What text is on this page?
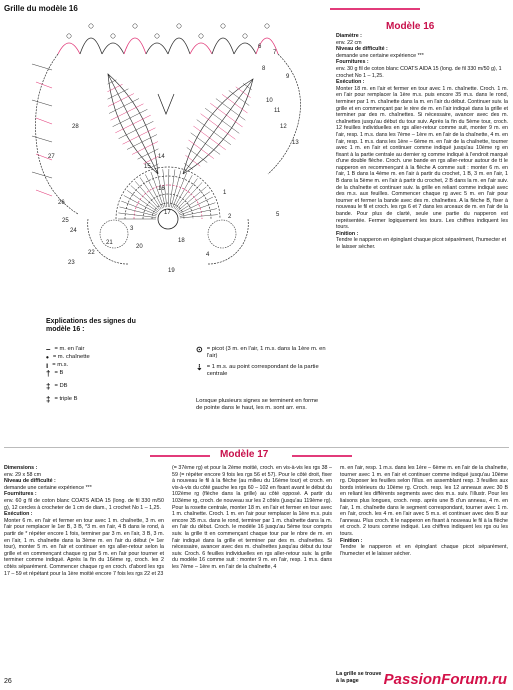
Grille du modèle 16
1
2
3
4
5
6
7
8
9
10
11
12
13
14
15
16
17
18
19
20
21
22
23
24
25
26
27
28
Modèle 16
Diamètre :
env. 22 cm
Niveau de difficulté :
demande une certaine expérience ***
Fournitures :
env. 30 g fil de coton blanc COATS AIDA 15 (long. de fil 330 m/50 g), 1 crochet No 1 – 1,25.
Exécution :
Monter 18 m. en l'air et fermer en tour avec 1 m. chaînette. Croch. 1 m. en l'air pour remplacer la 1ère m.s. puis encore 35 m.s. dans le rond, terminer par 1 m. chaînette dans la m. en l'air du début. Continuer suiv. la grille et en commençant par le rère de m. en l'air indiqué dans la grille et terminer par des m. chaînettes. Si nécessaire, avancer avec des m. chaînettes jusqu'au début du tour suiv. Après la fin du 5ème tour, croch. 12 feuilles individuelles en rgs aller-retour comme suit, monter 9 m. en l'air, resp. 1 m.s. dans les 7ème – 1ère m. en l'air de la chaînette, 4 m. en l'air, resp. 1 m.s. dans les 1ère – 6ème m. en l'air de la chaînette, tourner avec 1 m. en l'air et continuer comme indiqué jusqu'au 10ème rg en fixant à la partie centrale au dernier rg comme indiqué à l'endroit marqué d'une double flèche. Croch. une bande en rgs aller-retour autour de tt le napperon en recommençant à la flèche A comme suit : monter 6 m. en l'air, 1 B dans la 4ème m. en l'air à partir du crochet, 1 B, 3 m. en l'air, 1 B dans la 5ème m. en l'air à partir du crochet, 2 B dans la m. en l'air suiv. de la chaînette et continuer suiv. la grille en reliant comme indiqué avec des m.s. aux feuilles. Commencer chaque rg avec 5 m. en l'air pour tourner et fermer la bande avec des m. chaînettes. A la flèche B, fixer à nouveau le fil et croch. les rgs 6 et 7 dans les arceaux de m. en l'air de la bande. Pour plus de clarté, seule une partie du napperon est représentée. Fermer logiquement les tours. Les chiffres indiquent les tours.
Finition :
Tendre le napperon en épinglant chaque picot séparément, l'humecter et le laisser sécher.
Explications des signes du modèle 16 :
– = m. en l'air
• = m. chaînette
ı = m.s.
† = B
‡ = DB
‡ = triple B
⊙ = picot (3 m. en l'air, 1 m.s. dans la 1ère m. en l'air)
⇣ = 1 m.s. au point correspondant de la partie centrale
Lorsque plusieurs signes se terminent en forme de pointe dans le haut, les m. sont arr. ens.
Modèle 17
Dimensions :
env. 29 x 58 cm
Niveau de difficulté :
demande une certaine expérience ***
Fournitures :
env. 60 g fil de coton blanc COATS AIDA 15 (long. de fil 330 m/50 g), 12 cercles à crocheter de 1 cm de diam., 1 crochet No 1 – 1,25.
Exécution :
Monter 6 m. en l'air et fermer en tour avec 1 m. chaînette, 3 m. en l'air pour remplacer le 1er B, 3 B, *3 m. en l'air, 4 B dans le rond, à partir de * répéter encore 1 fois, terminer par 3 m. en l'air, 3 B, 3 m. en l'air, 1 m. chaînette dans la 3ème m. en l'air du début (= 1er tour), monter 5 m. en l'air et continuer en rgs aller-retour selon la grille et en commençant chaque rg par 5 m. en l'air pour tourner et terminer comme indiqué. Après la fin du 16ème rg, croch. les 2 côtés séparément. Commencer chaque rg en croch. d'abord les rgs 17 – 59 et répétant pour la 1ère moitié encore 7 fois les rgs 22 et 23
(= 37ème rg) et pour la 2ème moitié, croch. en vis-à-vis les rgs 38 – 59 (= répéter encore 9 fois les rgs 56 et 57). Pour le côté droit, fixer à nouveau le fil à la flèche (au milieu du 16ème tour) et croch. en vis-à-vis du côté gauche les rgs 60 – 102 en fixant avant le début du 102ème rg (flèche dans la grille) au côté opposé. A partir du 103ème rg, croch. de nouveau sur les 2 côtés (jusqu'au 119ème rg). Pour la rosette centrale, monter 18 m. en l'air et fermer en tour avec 1 m. chaînette. Croch. 1 m. en l'air pour remplacer la 1ère m.s. puis encore 35 m.s. dans le rond, terminer par 1 m. chaînette dans la m. en l'air du début. Croch. le modèle 16 jusqu'au 5ème tour compris suiv. la grille tt en commençant chaque tour par le nbre de m. en l'air indiqué dans la grille et terminer par des m. chaînettes. Si nécessaire, avancer avec des m. chaînettes jusqu'au début du tour suiv. Croch. 6 feuilles individuelles en rgs aller-retour suiv. la grille du modèle 16 comme suit : monter 9 m. en l'air, resp. 1 m.s. dans les 7ème – 1ère m. en l'air de la chaînette, 4
m. en l'air, resp. 1 m.s. dans les 1ère – 6ème m. en l'air de la chaînette, tourner avec 1 m. en l'air et continuer comme indiqué jusqu'au 10ème rg. Disposer les feuilles selon l'illus. en assemblant resp. 3 feuilles aux bords intérieurs du 10ème rg. Croch. resp. les 12 anneaux avec 30 B en reliant les différents segments avec des m.s. suiv. l'illustr. Pour les liaisons plus longues, croch. resp. après une B d'un anneau, 4 m. en l'air, 1 m. chaînette dans le segment correspondant, tourner avec 1 m. en l'air, croch. les 4 m. en l'air avec 5 m.s. et continuer avec des B sur l'anneau. Plus croch. tt le napperon en fixant à nouveau le fil à la flèche et croch. 2 tours comme indiqué. Les chiffres indiquent les rgs ou les tours.
Finition :
Tendre le napperon et en épinglant chaque picot séparément, l'humecter et le laisser sécher.
La grille se trouve
à la page
26	PassionForum.ru
